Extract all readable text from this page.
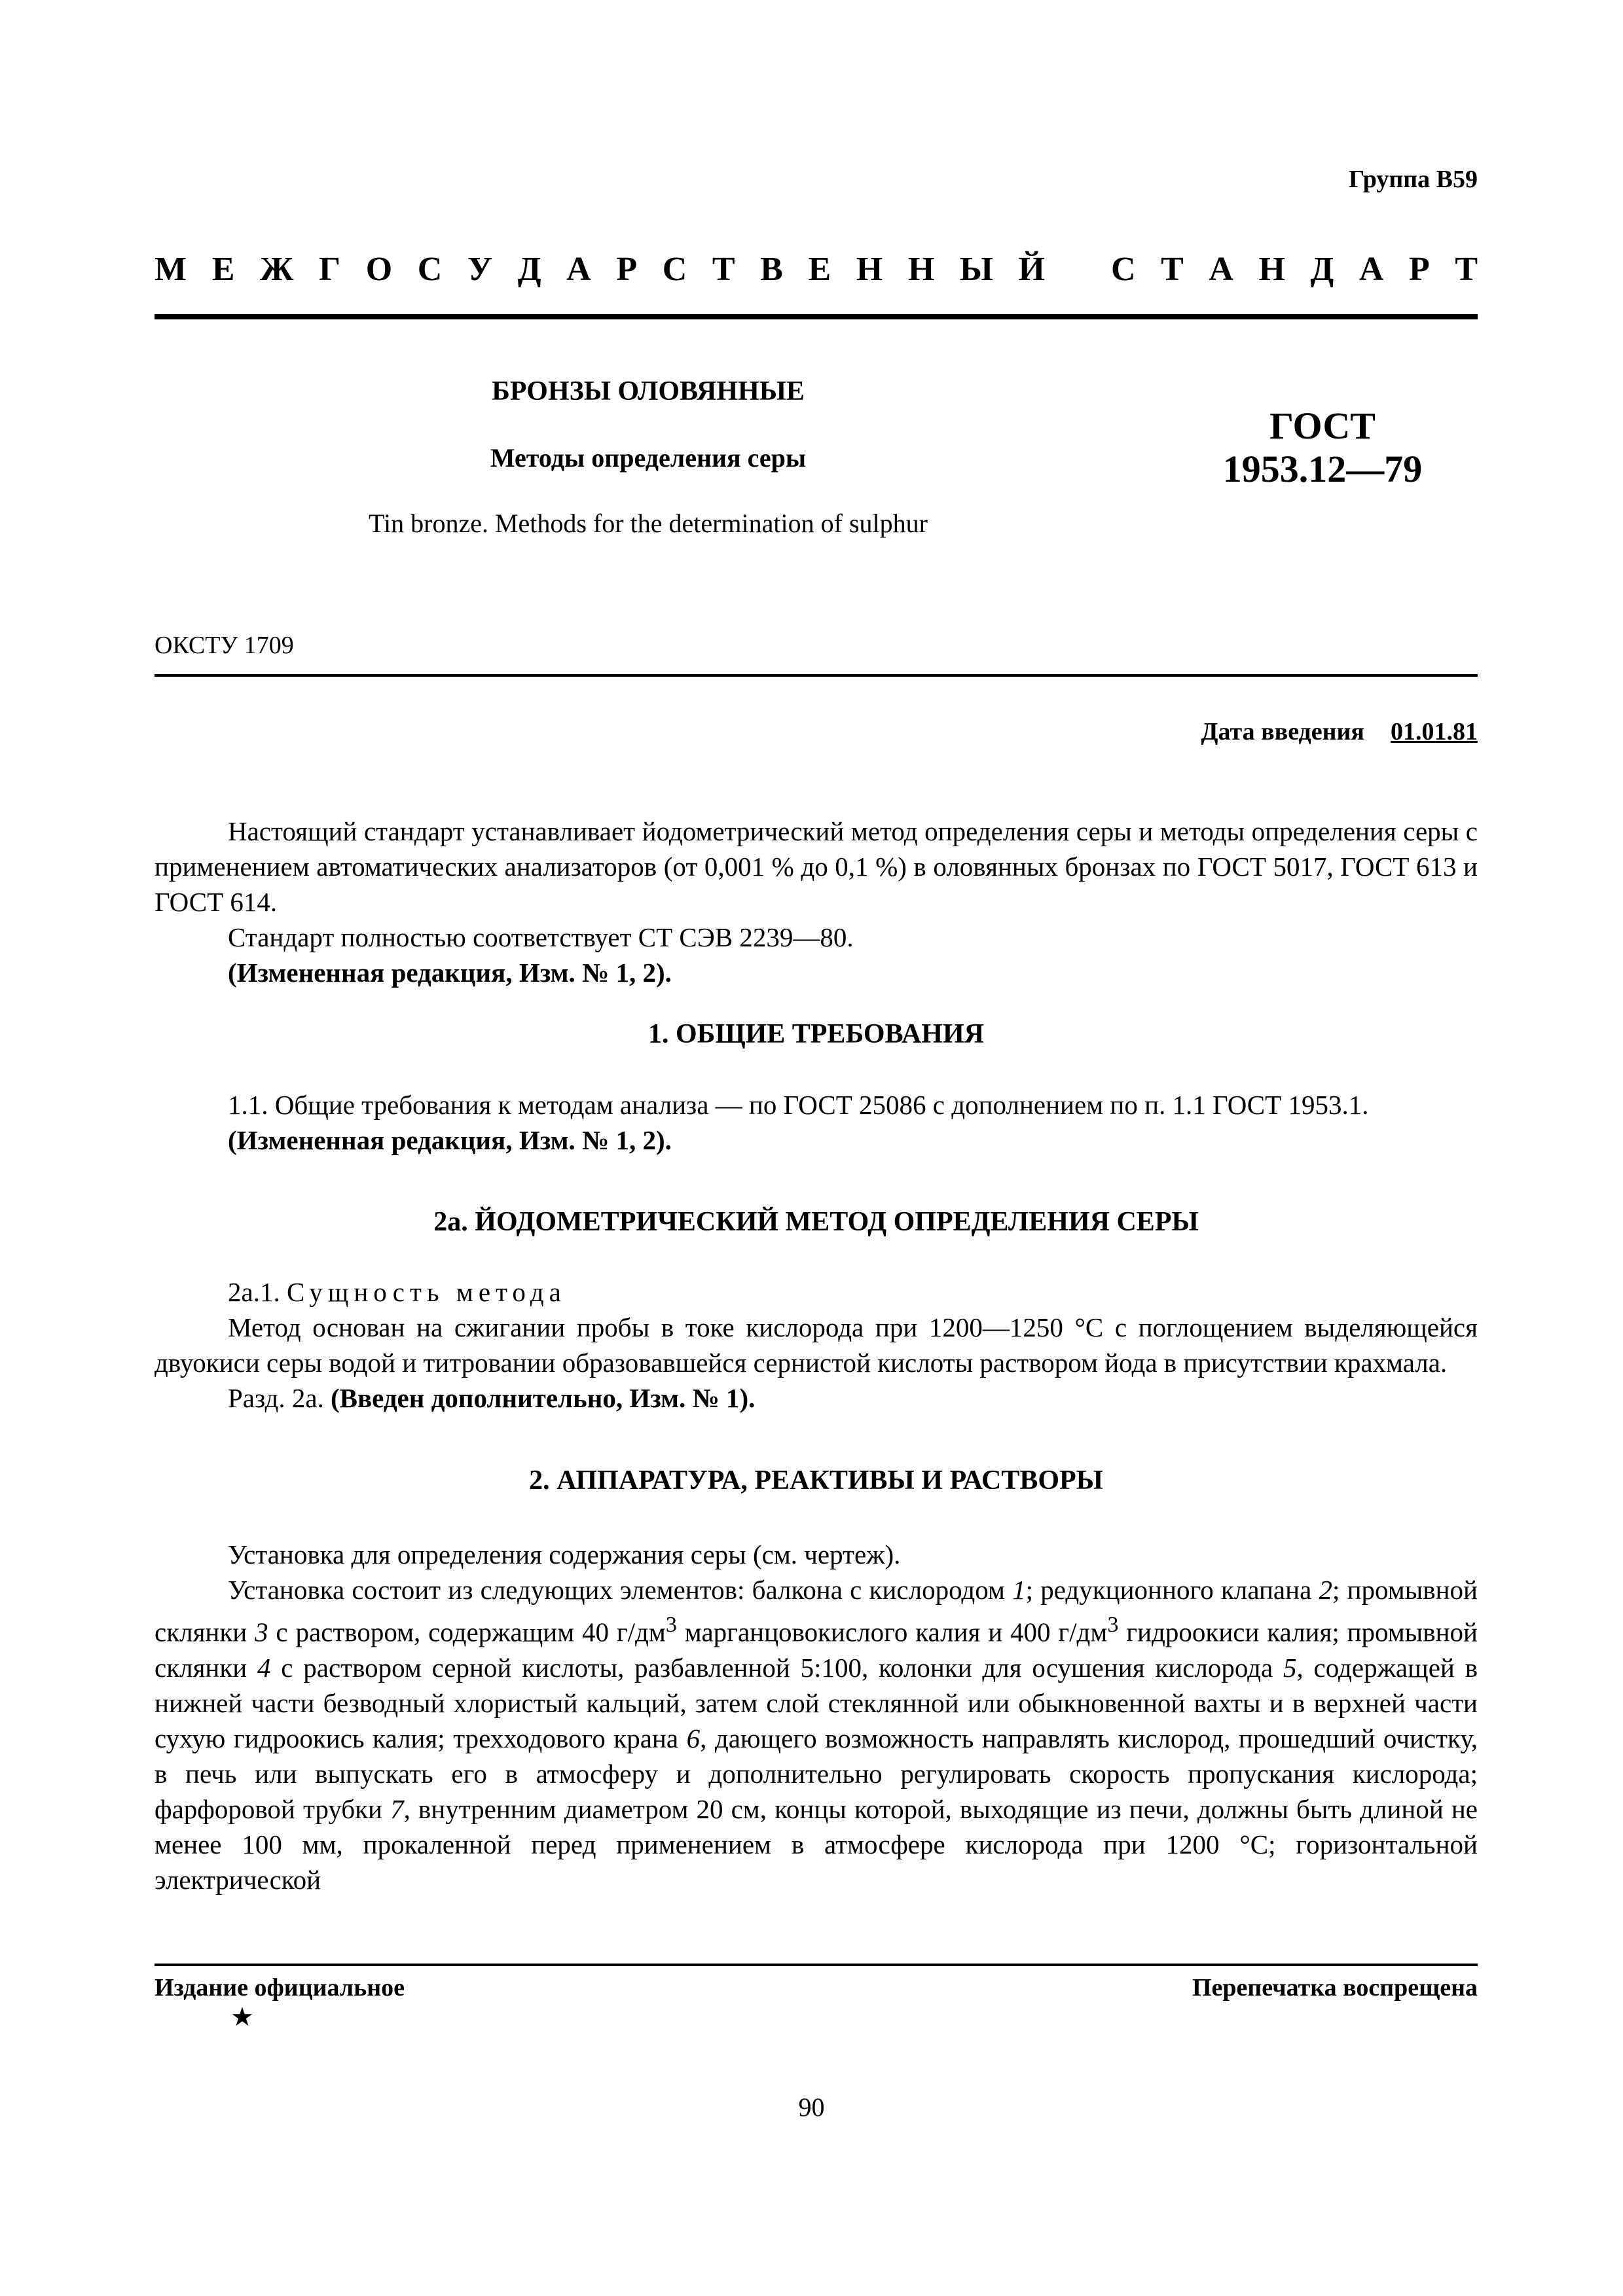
Группа В59
М Е Ж Г О С У Д А Р С Т В Е Н Н Ы Й С Т А Н Д А Р Т
БРОНЗЫ ОЛОВЯННЫЕ
Методы определения серы
Tin bronze. Methods for the determination of sulphur
ГОСТ
1953.12—79
ОКСТУ 1709
Дата введения 01.01.81

Настоящий стандарт устанавливает йодометрический метод определения серы и методы определения серы с применением автоматических анализаторов (от 0,001 % до 0,1 %) в оловянных бронзах по ГОСТ 5017, ГОСТ 613 и ГОСТ 614.

Стандарт полностью соответствует СТ СЭВ 2239—80.

(Измененная редакция, Изм. № 1, 2).

1. ОБЩИЕ ТРЕБОВАНИЯ

1.1. Общие требования к методам анализа — по ГОСТ 25086 с дополнением по п. 1.1 ГОСТ 1953.1.

(Измененная редакция, Изм. № 1, 2).

2а. ЙОДОМЕТРИЧЕСКИЙ МЕТОД ОПРЕДЕЛЕНИЯ СЕРЫ

2а.1. Сущность метода

Метод основан на сжигании пробы в токе кислорода при 1200—1250 °С с поглощением выделяющейся двуокиси серы водой и титровании образовавшейся сернистой кислоты раствором йода в присутствии крахмала.

Разд. 2а. (Введен дополнительно, Изм. № 1).

2. АППАРАТУРА, РЕАКТИВЫ И РАСТВОРЫ

Установка для определения содержания серы (см. чертеж).

Установка состоит из следующих элементов: балкона с кислородом 1; редукционного клапана 2; промывной склянки 3 с раствором, содержащим 40 $г/дм^3$ марганцовокислого калия и 400 $г/дм^3$ гидроокиси калия; промывной склянки 4 с раствором серной кислоты, разбавленной 5:100, колонки для осушения кислорода 5, содержащей в нижней части безводный хлористый кальций, затем слой стеклянной или обыкновенной вахты и в верхней части сухую гидроокись калия; трехходового крана 6, дающего возможность направлять кислород, прошедший очистку, в печь или выпускать его в атмосферу и дополнительно регулировать скорость пропускания кислорода; фарфоровой трубки 7, внутренним диаметром 20 см, концы которой, выходящие из печи, должны быть длиной не менее 100 мм, прокаленной перед применением в атмосфере кислорода при 1200 °С; горизонтальной электрической

Издание официальное
★
Перепечатка воспрещена
90
